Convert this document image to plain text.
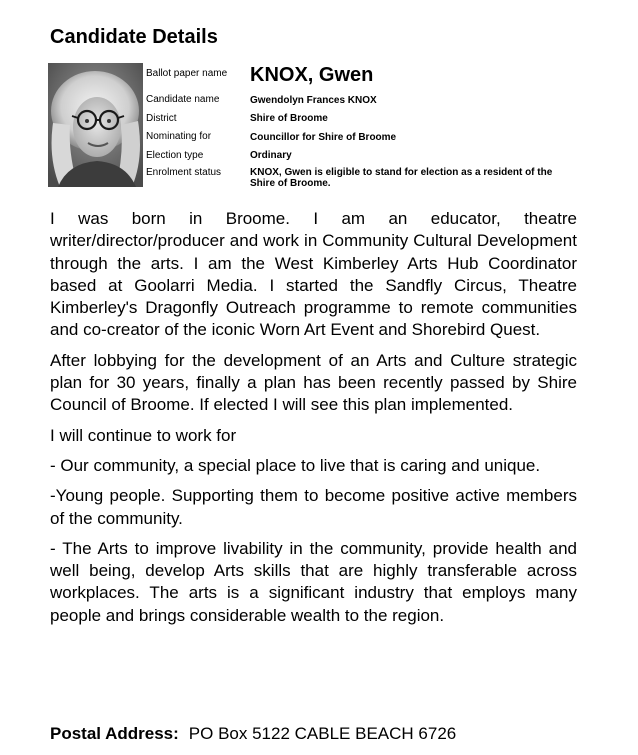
Candidate Details
Ballot paper name	KNOX, Gwen
Candidate name	Gwendolyn Frances KNOX
District	Shire of Broome
Nominating for	Councillor for Shire of Broome
Election type	Ordinary
Enrolment status	KNOX, Gwen is eligible to stand for election as a resident of the Shire of Broome.

I was born in Broome. I am an educator, theatre writer/director/producer and work in Community Cultural Development through the arts. I am the West Kimberley Arts Hub Coordinator based at Goolarri Media. I started the Sandfly Circus, Theatre Kimberley's Dragonfly Outreach programme to remote communities and co-creator of the iconic Worn Art Event and Shorebird Quest.

After lobbying for the development of an Arts and Culture strategic plan for 30 years, finally a plan has been recently passed by Shire Council of Broome. If elected I will see this plan implemented.

I will continue to work for

- Our community, a special place to live that is caring and unique.

-Young people. Supporting them to become positive active members of the community.

- The Arts to improve livability in the community, provide health and well being, develop Arts skills that are highly transferable across workplaces. The arts is a significant industry that employs many people and brings considerable wealth to the region.

Postal Address: PO Box 5122 CABLE BEACH 6726
